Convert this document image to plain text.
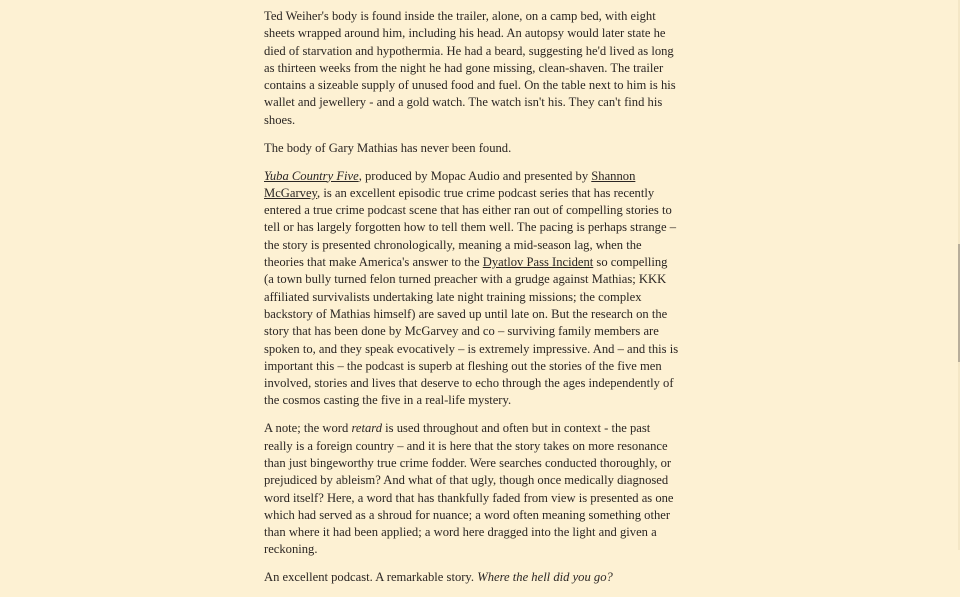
Ted Weiher's body is found inside the trailer, alone, on a camp bed, with eight sheets wrapped around him, including his head. An autopsy would later state he died of starvation and hypothermia. He had a beard, suggesting he'd lived as long as thirteen weeks from the night he had gone missing, clean-shaven. The trailer contains a sizeable supply of unused food and fuel. On the table next to him is his wallet and jewellery - and a gold watch. The watch isn't his. They can't find his shoes.

The body of Gary Mathias has never been found.

Yuba Country Five, produced by Mopac Audio and presented by Shannon McGarvey, is an excellent episodic true crime podcast series that has recently entered a true crime podcast scene that has either ran out of compelling stories to tell or has largely forgotten how to tell them well. The pacing is perhaps strange – the story is presented chronologically, meaning a mid-season lag, when the theories that make America's answer to the Dyatlov Pass Incident so compelling (a town bully turned felon turned preacher with a grudge against Mathias; KKK affiliated survivalists undertaking late night training missions; the complex backstory of Mathias himself) are saved up until late on. But the research on the story that has been done by McGarvey and co – surviving family members are spoken to, and they speak evocatively – is extremely impressive. And – and this is important this – the podcast is superb at fleshing out the stories of the five men involved, stories and lives that deserve to echo through the ages independently of the cosmos casting the five in a real-life mystery.

A note; the word retard is used throughout and often but in context - the past really is a foreign country – and it is here that the story takes on more resonance than just bingeworthy true crime fodder. Were searches conducted thoroughly, or prejudiced by ableism? And what of that ugly, though once medically diagnosed word itself? Here, a word that has thankfully faded from view is presented as one which had served as a shroud for nuance; a word often meaning something other than where it had been applied; a word here dragged into the light and given a reckoning.

An excellent podcast. A remarkable story. Where the hell did you go?
